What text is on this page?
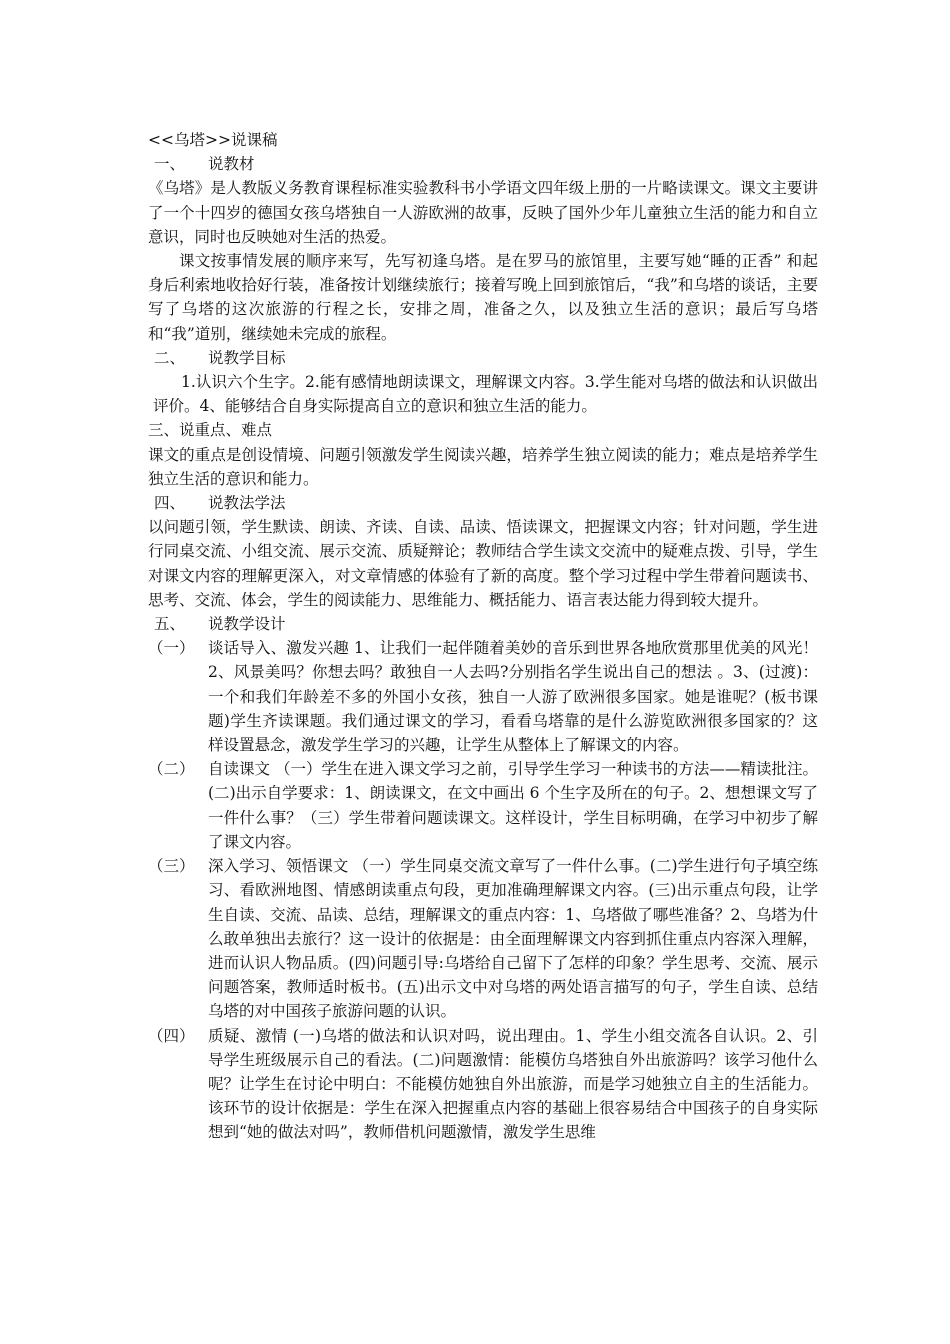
<<乌塔>>说课稿

一、	说教材

《乌塔》是人教版义务教育课程标准实验教科书小学语文四年级上册的一片略读课文。课文主要讲了一个十四岁的德国女孩乌塔独自一人游欧洲的故事，反映了国外少年儿童独立生活的能力和自立意识，同时也反映她对生活的热爱。

课文按事情发展的顺序来写，先写初逢乌塔。是在罗马的旅馆里，主要写她“睡的正香” 和起身后利索地收拾好行装，准备按计划继续旅行；接着写晚上回到旅馆后，“我”和乌塔的谈话，主要写了乌塔的这次旅游的行程之长，安排之周，准备之久，以及独立生活的意识；最后写乌塔和“我”道别，继续她未完成的旅程。

二、	说教学目标

1.认识六个生字。2.能有感情地朗读课文，理解课文内容。3.学生能对乌塔的做法和认识做出评价。4、能够结合自身实际提高自立的意识和独立生活的能力。

三、说重点、难点

课文的重点是创设情境、问题引领激发学生阅读兴趣，培养学生独立阅读的能力；难点是培养学生独立生活的意识和能力。

四、	说教法学法

以问题引领，学生默读、朗读、齐读、自读、品读、悟读课文，把握课文内容；针对问题，学生进行同桌交流、小组交流、展示交流、质疑辩论；教师结合学生读文交流中的疑难点拨、引导，学生对课文内容的理解更深入，对文章情感的体验有了新的高度。整个学习过程中学生带着问题读书、思考、交流、体会，学生的阅读能力、思维能力、概括能力、语言表达能力得到较大提升。

五、	说教学设计

（一） 谈话导入、激发兴趣 1、让我们一起伴随着美妙的音乐到世界各地欣赏那里优美的风光！2、风景美吗？你想去吗？敢独自一人去吗?分别指名学生说出自己的想法 。3、(过渡)：一个和我们年龄差不多的外国小女孩，独自一人游了欧洲很多国家。她是谁呢？(板书课题)学生齐读课题。我们通过课文的学习，看看乌塔靠的是什么游览欧洲很多国家的？这样设置悬念，激发学生学习的兴趣，让学生从整体上了解课文的内容。
（二） 自读课文 （一）学生在进入课文学习之前，引导学生学习一种读书的方法——精读批注。(二)出示自学要求：1、朗读课文，在文中画出 6 个生字及所在的句子。2、想想课文写了一件什么事？（三）学生带着问题读课文。这样设计，学生目标明确，在学习中初步了解了课文内容。
（三） 深入学习、领悟课文 （一）学生同桌交流文章写了一件什么事。(二)学生进行句子填空练习、看欧洲地图、情感朗读重点句段，更加准确理解课文内容。(三)出示重点句段，让学生自读、交流、品读、总结，理解课文的重点内容：1、乌塔做了哪些准备？2、乌塔为什么敢单独出去旅行？这一设计的依据是：由全面理解课文内容到抓住重点内容深入理解，进而认识人物品质。(四)问题引导:乌塔给自己留下了怎样的印象？学生思考、交流、展示问题答案，教师适时板书。(五)出示文中对乌塔的两处语言描写的句子，学生自读、总结乌塔的对中国孩子旅游问题的认识。
（四） 质疑、激情 (一)乌塔的做法和认识对吗，说出理由。1、学生小组交流各自认识。2、引导学生班级展示自己的看法。(二)问题激情：能模仿乌塔独自外出旅游吗？该学习他什么呢？让学生在讨论中明白：不能模仿她独自外出旅游，而是学习她独立自主的生活能力。该环节的设计依据是：学生在深入把握重点内容的基础上很容易结合中国孩子的自身实际想到“她的做法对吗”，教师借机问题激情，激发学生思维
